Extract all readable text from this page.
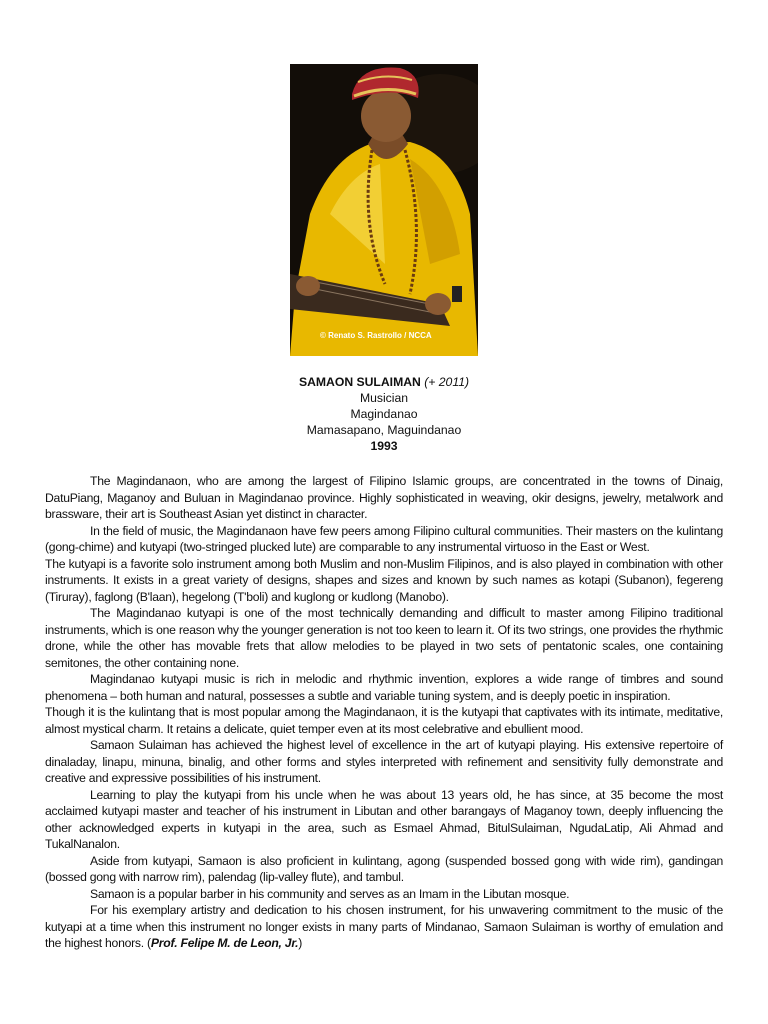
© Renato S. Rastrollo / NCCA
SAMAON SULAIMAN (+ 2011)
Musician
Magindanao
Mamasapano, Maguindanao
1993

The Magindanaon, who are among the largest of Filipino Islamic groups, are concentrated in the towns of Dinaig, DatuPiang, Maganoy and Buluan in Magindanao province. Highly sophisticated in weaving, okir designs, jewelry, metalwork and brassware, their art is Southeast Asian yet distinct in character.

In the field of music, the Magindanaon have few peers among Filipino cultural communities. Their masters on the kulintang (gong-chime) and kutyapi (two-stringed plucked lute) are comparable to any instrumental virtuoso in the East or West.

The kutyapi is a favorite solo instrument among both Muslim and non-Muslim Filipinos, and is also played in combination with other instruments. It exists in a great variety of designs, shapes and sizes and known by such names as kotapi (Subanon), fegereng (Tiruray), faglong (B'laan), hegelong (T'boli) and kuglong or kudlong (Manobo).

The Magindanao kutyapi is one of the most technically demanding and difficult to master among Filipino traditional instruments, which is one reason why the younger generation is not too keen to learn it. Of its two strings, one provides the rhythmic drone, while the other has movable frets that allow melodies to be played in two sets of pentatonic scales, one containing semitones, the other containing none.

Magindanao kutyapi music is rich in melodic and rhythmic invention, explores a wide range of timbres and sound phenomena – both human and natural, possesses a subtle and variable tuning system, and is deeply poetic in inspiration.

Though it is the kulintang that is most popular among the Magindanaon, it is the kutyapi that captivates with its intimate, meditative, almost mystical charm. It retains a delicate, quiet temper even at its most celebrative and ebullient mood.

Samaon Sulaiman has achieved the highest level of excellence in the art of kutyapi playing. His extensive repertoire of dinaladay, linapu, minuna, binalig, and other forms and styles interpreted with refinement and sensitivity fully demonstrate and creative and expressive possibilities of his instrument.

Learning to play the kutyapi from his uncle when he was about 13 years old, he has since, at 35 become the most acclaimed kutyapi master and teacher of his instrument in Libutan and other barangays of Maganoy town, deeply influencing the other acknowledged experts in kutyapi in the area, such as Esmael Ahmad, BitulSulaiman, NgudaLatip, Ali Ahmad and TukalNanalon.

Aside from kutyapi, Samaon is also proficient in kulintang, agong (suspended bossed gong with wide rim), gandingan (bossed gong with narrow rim), palendag (lip-valley flute), and tambul.

Samaon is a popular barber in his community and serves as an Imam in the Libutan mosque.

For his exemplary artistry and dedication to his chosen instrument, for his unwavering commitment to the music of the kutyapi at a time when this instrument no longer exists in many parts of Mindanao, Samaon Sulaiman is worthy of emulation and the highest honors. (Prof. Felipe M. de Leon, Jr.)
